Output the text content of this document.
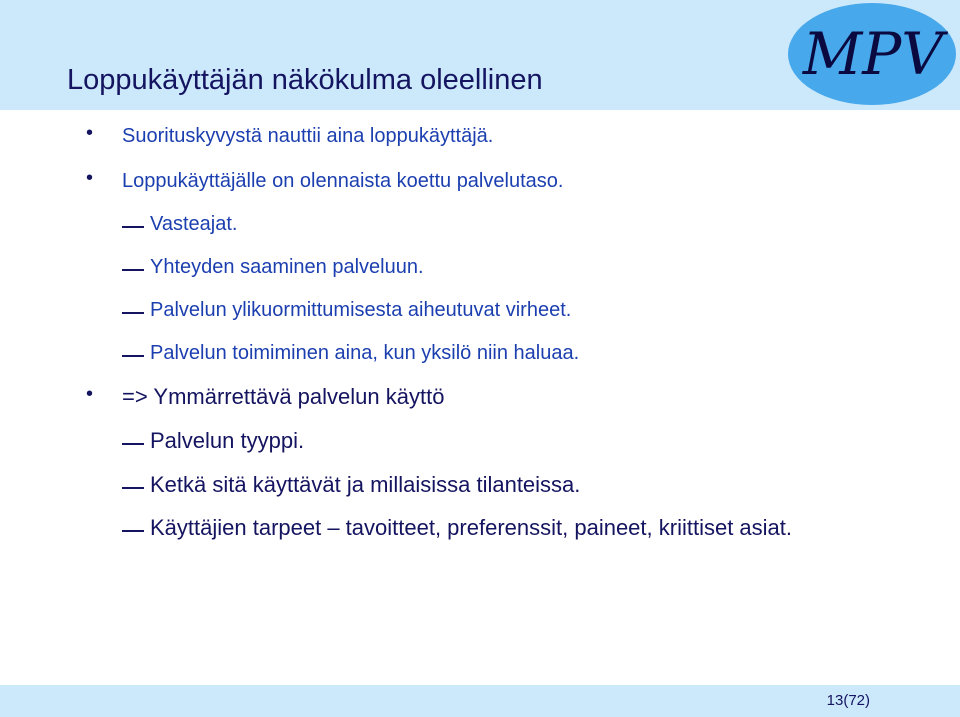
Loppukäyttäjän näkökulma oleellinen	MPV
• Suorituskyvystä nauttii aina loppukäyttäjä.
• Loppukäyttäjälle on olennaista koettu palvelutaso.
Vasteajat.
Yhteyden saaminen palveluun.
Palvelun ylikuormittumisesta aiheutuvat virheet.
Palvelun toimiminen aina, kun yksilö niin haluaa.
• => Ymmärrettävä palvelun käyttö
Palvelun tyyppi.
Ketkä sitä käyttävät ja millaisissa tilanteissa.
Käyttäjien tarpeet – tavoitteet, preferenssit, paineet, kriittiset asiat.
13(72)
